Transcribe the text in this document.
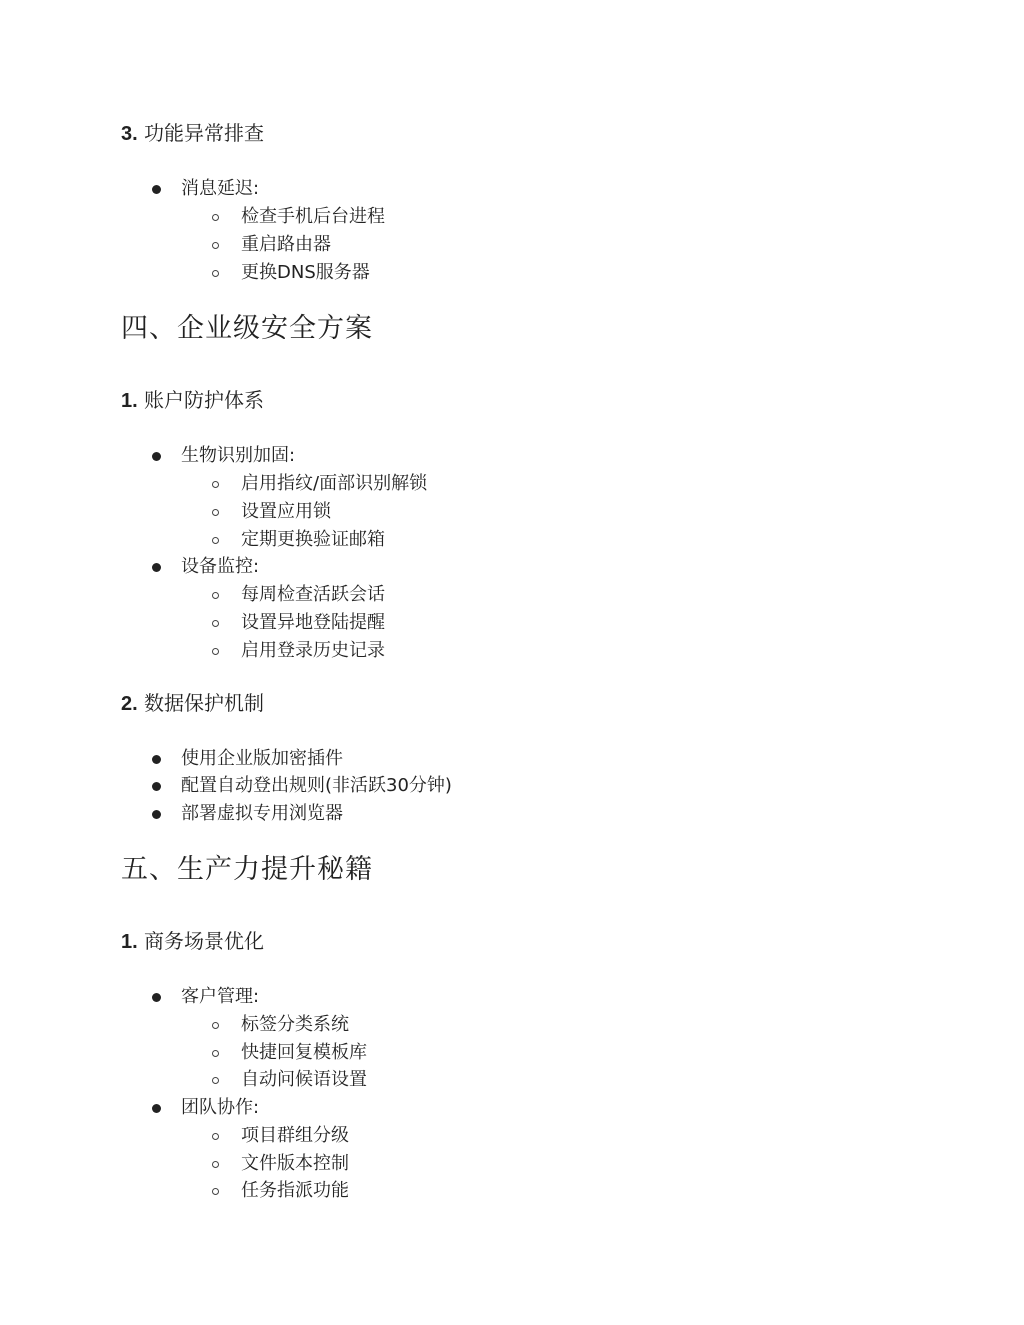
3. 功能异常排查
消息延迟:
检查手机后台进程
重启路由器
更换DNS服务器
四、企业级安全方案
1. 账户防护体系
生物识别加固:
启用指纹/面部识别解锁
设置应用锁
定期更换验证邮箱
设备监控:
每周检查活跃会话
设置异地登陆提醒
启用登录历史记录
2. 数据保护机制
使用企业版加密插件
配置自动登出规则(非活跃30分钟)
部署虚拟专用浏览器
五、生产力提升秘籍
1. 商务场景优化
客户管理:
标签分类系统
快捷回复模板库
自动问候语设置
团队协作:
项目群组分级
文件版本控制
任务指派功能
